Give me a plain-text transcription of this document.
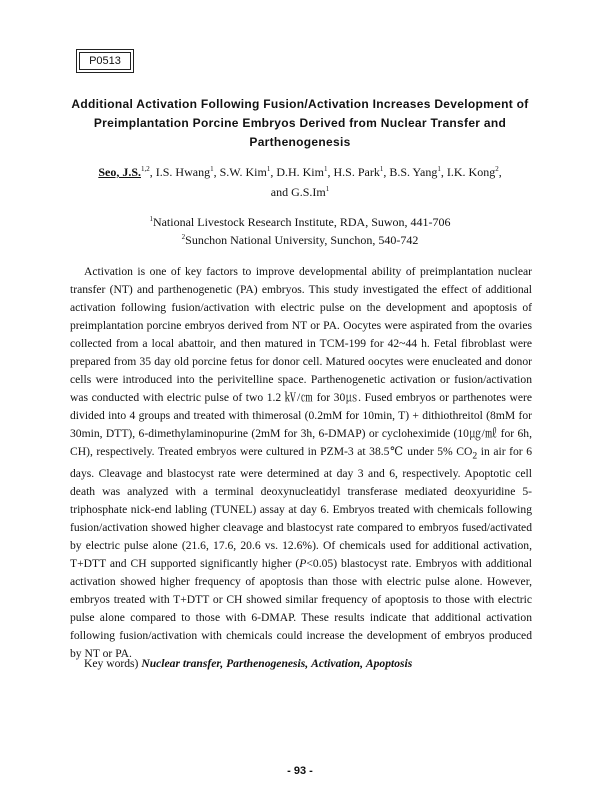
P0513
Additional Activation Following Fusion/Activation Increases Development of Preimplantation Porcine Embryos Derived from Nuclear Transfer and Parthenogenesis
Seo, J.S.$^{1,2}$, I.S. Hwang$^1$, S.W. Kim$^1$, D.H. Kim$^1$, H.S. Park$^1$, B.S. Yang$^1$, I.K. Kong$^2$,
and G.S.Im$^1$
$^1$National Livestock Research Institute, RDA, Suwon, 441-706
$^2$Sunchon National University, Sunchon, 540-742

Activation is one of key factors to improve developmental ability of preimplantation nuclear transfer (NT) and parthenogenetic (PA) embryos. This study investigated the effect of additional activation following fusion/activation with electric pulse on the development and apoptosis of preimplantation porcine embryos derived from NT or PA. Oocytes were aspirated from the ovaries collected from a local abattoir, and then matured in TCM-199 for 42~44 h. Fetal fibroblast were prepared from 35 day old porcine fetus for donor cell. Matured oocytes were enucleated and donor cells were introduced into the perivitelline space. Parthenogenetic activation or fusion/activation was conducted with electric pulse of two 1.2 ㎸/㎝ for 30㎲. Fused embryos or parthenotes were divided into 4 groups and treated with thimerosal (0.2mM for 10min, T) + dithiothreitol (8mM for 30min, DTT), 6-dimethylaminopurine (2mM for 3h, 6-DMAP) or cycloheximide (10㎍/㎖ for 6h, CH), respectively. Treated embryos were cultured in PZM-3 at 38.5℃ under 5% $CO_2$ in air for 6 days. Cleavage and blastocyst rate were determined at day 3 and 6, respectively. Apoptotic cell death was analyzed with a terminal deoxynucleatidyl transferase mediated deoxyuridine 5-triphosphate nick-end labling (TUNEL) assay at day 6. Embryos treated with chemicals following fusion/activation showed higher cleavage and blastocyst rate compared to embryos fused/activated by electric pulse alone (21.6, 17.6, 20.6 vs. 12.6%). Of chemicals used for additional activation, T+DTT and CH supported significantly higher (P<0.05) blastocyst rate. Embryos with additional activation showed higher frequency of apoptosis than those with electric pulse alone. However, embryos treated with T+DTT or CH showed similar frequency of apoptosis to those with electric pulse alone compared to those with 6-DMAP. These results indicate that additional activation following fusion/activation with chemicals could increase the development of embryos produced by NT or PA.

Key words) Nuclear transfer, Parthenogenesis, Activation, Apoptosis
- 93 -
